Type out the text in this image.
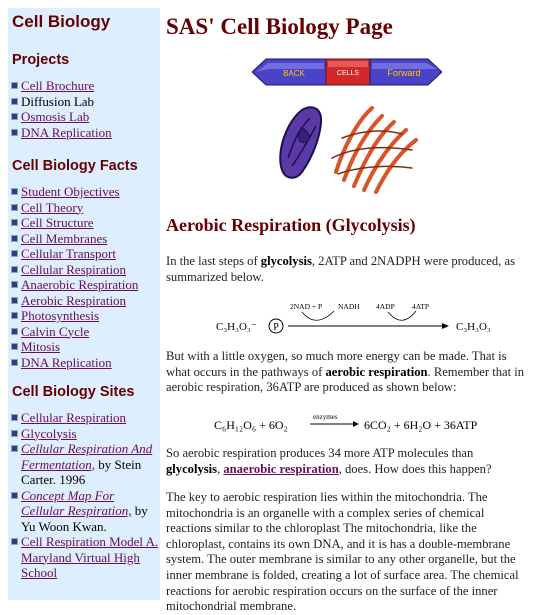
Cell Biology
Projects
Cell Brochure
Diffusion Lab
Osmosis Lab
DNA Replication
Cell Biology Facts
Student Objectives
Cell Theory
Cell Structure
Cell Membranes
Cellular Transport
Cellular Respiration
Anaerobic Respiration
Aerobic Respiration
Photosynthesis
Calvin Cycle
Mitosis
DNA Replication
Cell Biology Sites
Cellular Respiration
Glycolysis
Cellular Respiration And Fermentation, by Stein Carter. 1996
Concept Map For Cellular Respiration, by Yu Woon Kwan.
Cell Respiration Model A. Maryland Virtual High School
SAS' Cell Biology Page
BACK	CELLS	Forward
Aerobic Respiration (Glycolysis)

In the last steps of glycolysis, 2ATP and 2NADPH were produced, as summarized below.

C₃H₃O₃⁻ P
2NAD + P NADH 4ADP 4ATP
C₃H₃O₃

But with a little oxygen, so much more energy can be made. That is what occurs in the pathways of aerobic respiration. Remember that in aerobic respiration, 36ATP are produced as shown below:

C₆H₁₂O₆ + 6O₂
enzymes
6CO₂ + 6H₂O + 36ATP

So aerobic respiration produces 34 more ATP molecules than glycolysis, anaerobic respiration, does. How does this happen?

The key to aerobic respiration lies within the mitochondria. The mitochondria is an organelle with a complex series of chemical reactions similar to the chloroplast The mitochondria, like the chloroplast, contains its own DNA, and it is has a double-membrane system. The outer membrane is similar to any other organelle, but the inner membrane is folded, creating a lot of surface area. The chemical reactions for aerobic respiration occurs on the surface of the inner mitochondrial membrane.
